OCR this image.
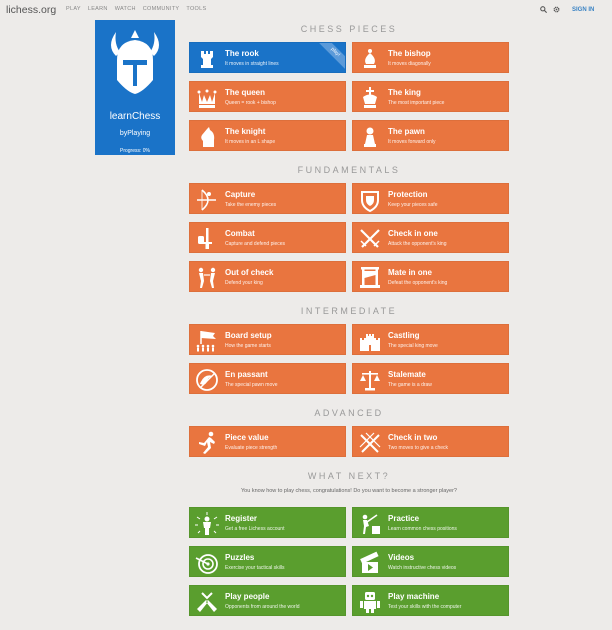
lichess.org PLAY LEARN WATCH COMMUNITY TOOLS	SIGN IN
learnChess
byPlaying
Progress: 0%
CHESS PIECES
FUNDAMENTALS
INTERMEDIATE
ADVANCED
WHAT NEXT?
You know how to play chess, congratulations! Do you want to become a stronger player?
The rook
It moves in straight lines
play!	The bishop
It moves diagonally
The queen
Queen = rook + bishop
The king
The most important piece
The knight
It moves in an L shape
The pawn
It moves forward only
Capture
Take the enemy pieces
Protection
Keep your pieces safe
Combat
Capture and defend pieces
Check in one
Attack the opponent's king
Out of check
Defend your king
Mate in one
Defeat the opponent's king
Board setup
How the game starts
Castling
The special king move
En passant
The special pawn move
Stalemate
The game is a draw
Piece value
Evaluate piece strength
Check in two
Two moves to give a check
Register
Get a free Lichess account
Practice
Learn common chess positions
Puzzles
Exercise your tactical skills
Videos
Watch instructive chess videos
Play people
Opponents from around the world
Play machine
Test your skills with the computer
